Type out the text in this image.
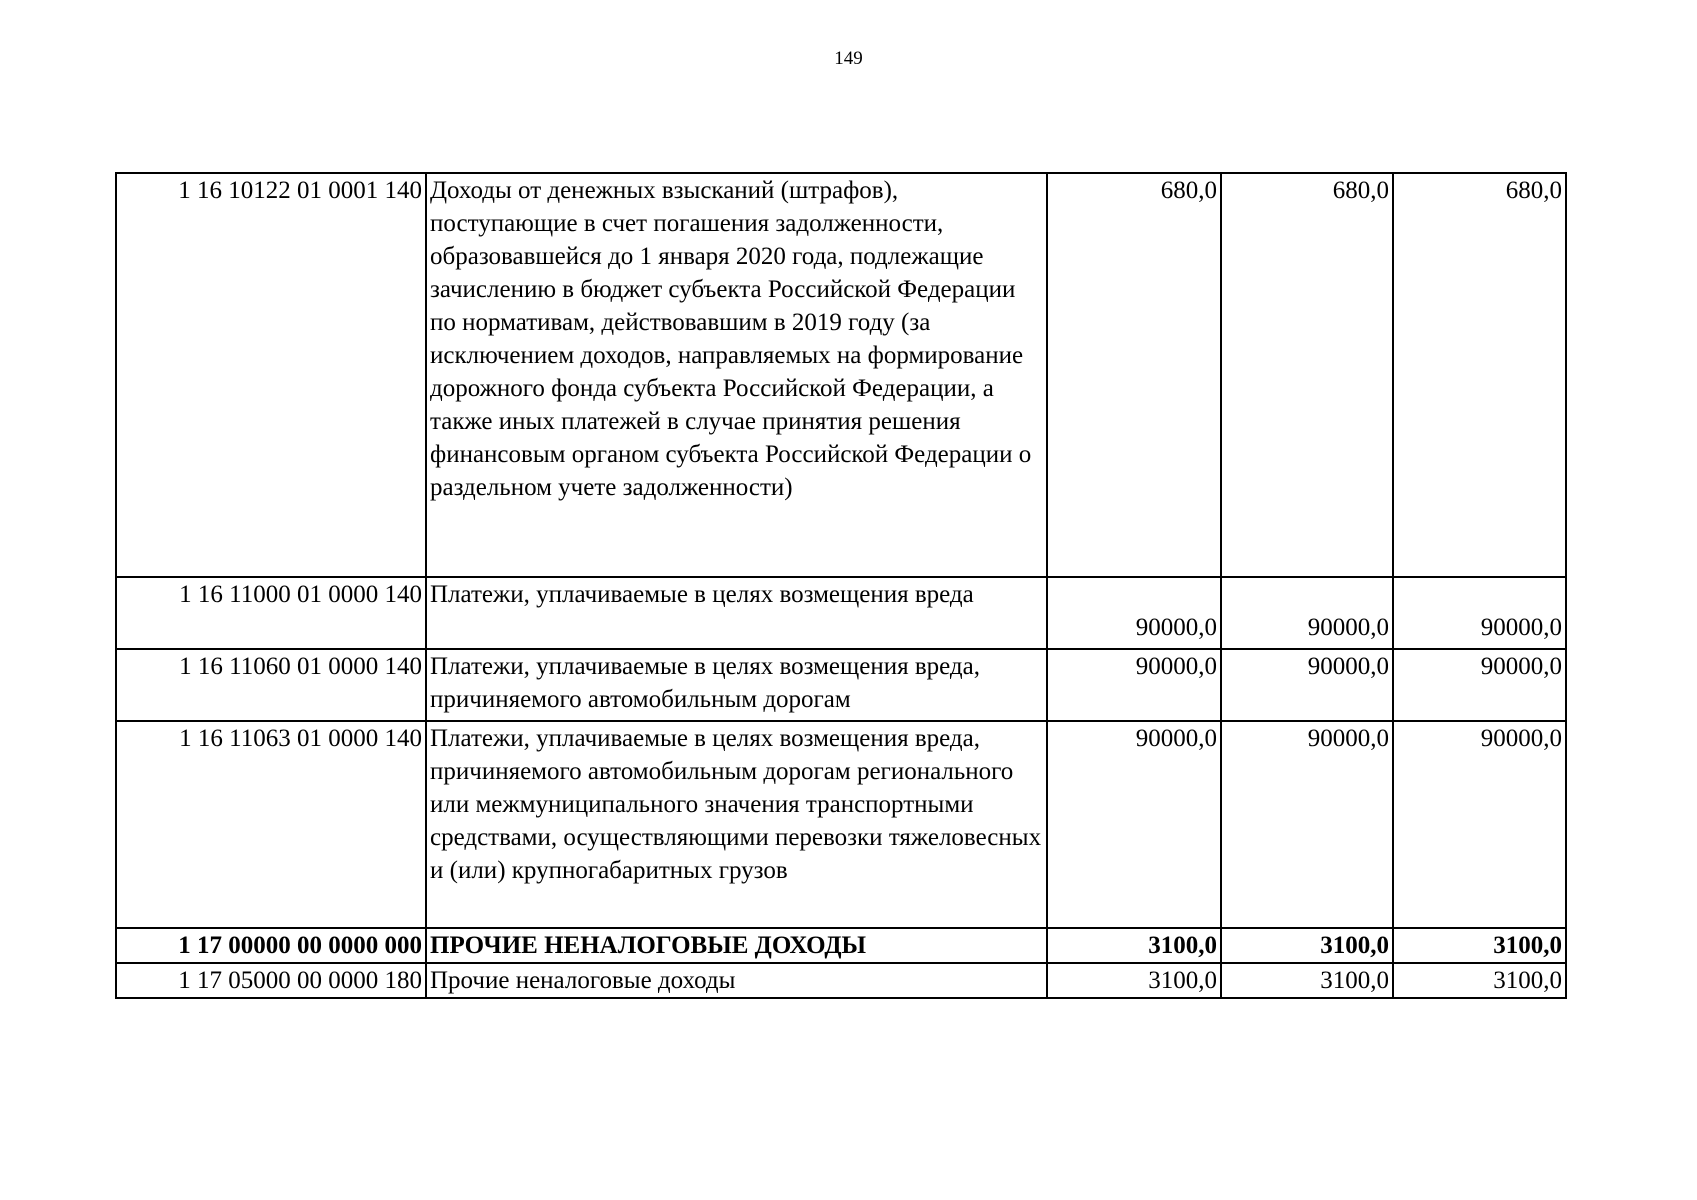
149
1 16 10122 01 0001 140	Доходы от денежных взысканий (штрафов), поступающие в счет погашения задолженности, образовавшейся до 1 января 2020 года, подлежащие зачислению в бюджет субъекта Российской Федерации по нормативам, действовавшим в 2019 году (за исключением доходов, направляемых на формирование дорожного фонда субъекта Российской Федерации, а также иных платежей в случае принятия решения финансовым органом субъекта Российской Федерации о раздельном учете задолженности)	680,0	680,0	680,0
1 16 11000 01 0000 140	Платежи, уплачиваемые в целях возмещения вреда	90000,0	90000,0	90000,0
1 16 11060 01 0000 140	Платежи, уплачиваемые в целях возмещения вреда, причиняемого автомобильным дорогам	90000,0	90000,0	90000,0
1 16 11063 01 0000 140	Платежи, уплачиваемые в целях возмещения вреда, причиняемого автомобильным дорогам регионального или межмуниципального значения транспортными средствами, осуществляющими перевозки тяжеловесных и (или) крупногабаритных грузов	90000,0	90000,0	90000,0
1 17 00000 00 0000 000	ПРОЧИЕ НЕНАЛОГОВЫЕ ДОХОДЫ	3100,0	3100,0	3100,0
1 17 05000 00 0000 180	Прочие неналоговые доходы	3100,0	3100,0	3100,0
